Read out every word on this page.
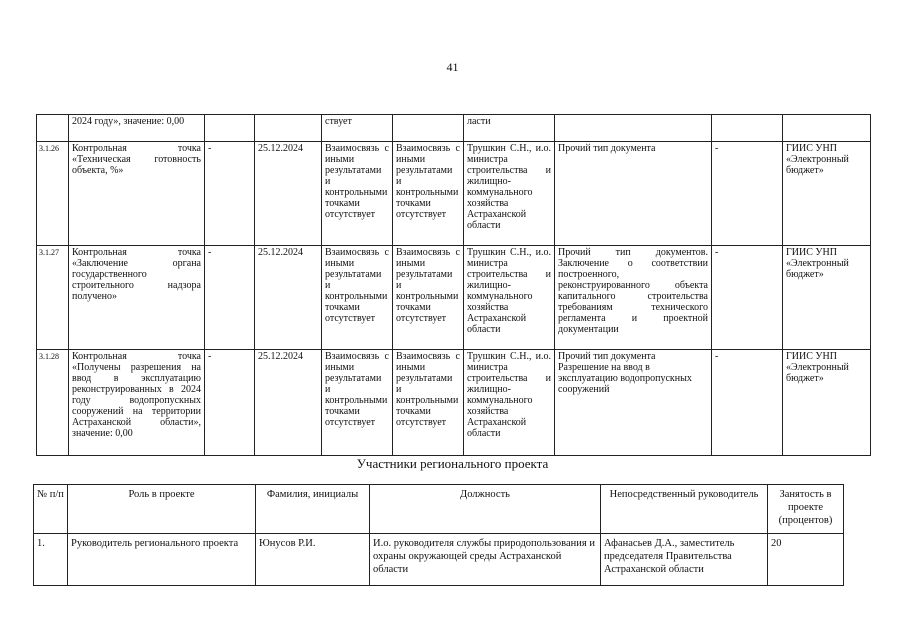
41
	2024 году», значение: 0,00			ствует		ласти			
3.1.26	Контрольная точка «Техническая готовность объекта, %»	-	25.12.2024	Взаимосвязь с иными результатами и контрольными точками отсутствует	Взаимосвязь с иными результатами и контрольными точками отсутствует	Трушкин С.Н., и.о. министра строительства и жилищно-коммунального хозяйства Астраханской области	Прочий тип документа	-	ГИИС УНП «Электронный бюджет»
3.1.27	Контрольная точка «Заключение органа государственного строительного надзора получено»	-	25.12.2024	Взаимосвязь с иными результатами и контрольными точками отсутствует	Взаимосвязь с иными результатами и контрольными точками отсутствует	Трушкин С.Н., и.о. министра строительства и жилищно-коммунального хозяйства Астраханской области	Прочий тип документов. Заключение о соответствии построенного, реконструированного объекта капитального строительства требованиям технического регламента и проектной документации	-	ГИИС УНП «Электронный бюджет»
3.1.28	Контрольная точка «Получены разрешения на ввод в эксплуатацию реконструированных в 2024 году водопропускных сооружений на территории Астраханской области», значение: 0,00	-	25.12.2024	Взаимосвязь с иными результатами и контрольными точками отсутствует	Взаимосвязь с иными результатами и контрольными точками отсутствует	Трушкин С.Н., и.о. министра строительства и жилищно-коммунального хозяйства Астраханской области	Прочий тип документа Разрешение на ввод в эксплуатацию водопропускных сооружений	-	ГИИС УНП «Электронный бюджет»
Участники регионального проекта
№ п/п	Роль в проекте	Фамилия, инициалы	Должность	Непосредственный руководитель	Занятость в проекте (процентов)
1.	Руководитель регионального проекта	Юнусов Р.И.	И.о. руководителя службы природопользования и охраны окружающей среды Астраханской области	Афанасьев Д.А., заместитель председателя Правительства Астраханской области	20
